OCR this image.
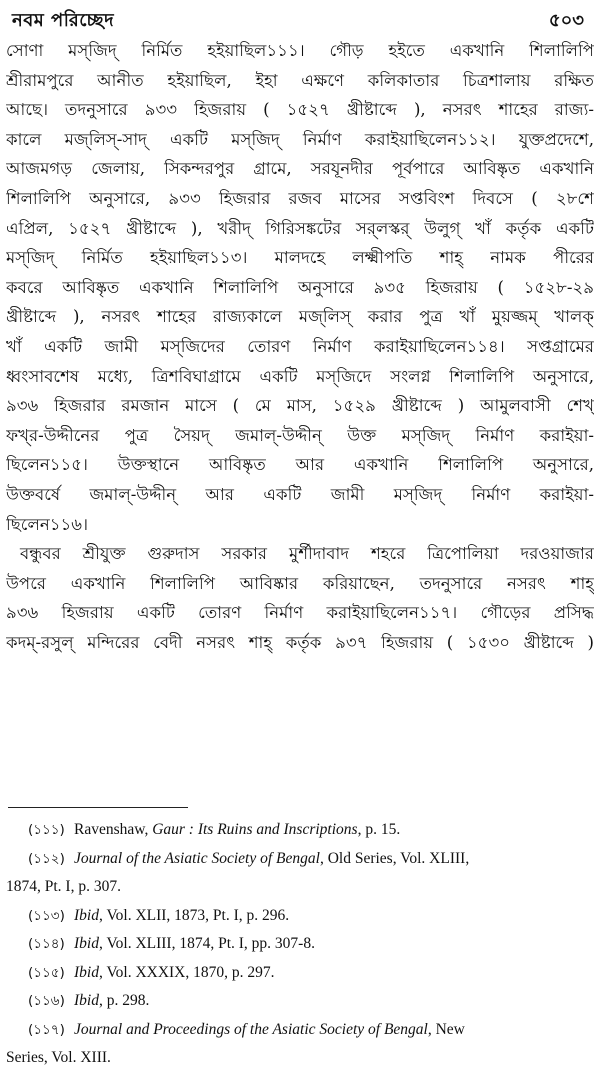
নবম পরিচ্ছেদ	৫০৩
সোণা মস্‌জিদ্‌ নির্মিত হইয়াছিল১১১। গৌড় হইতে একখানি শিলালিপি
শ্রীরামপুরে আনীত হইয়াছিল, ইহা এক্ষণে কলিকাতার চিত্রশালায় রক্ষিত
আছে। তদনুসারে ৯৩৩ হিজরায় ( ১৫২৭ খ্রীষ্টাব্দে ), নসরৎ শাহের রাজ্য-
কালে মজ্‌লিস্‌-সাদ্‌ একটি মস্‌জিদ্‌ নির্মাণ করাইয়াছিলেন১১২। যুক্তপ্রদেশে,
আজমগড় জেলায়, সিকন্দরপুর গ্রামে, সরযূনদীর পূর্বপারে আবিষ্কৃত একখানি
শিলালিপি অনুসারে, ৯৩৩ হিজরার রজব মাসের সপ্তবিংশ দিবসে ( ২৮শে
এপ্রিল, ১৫২৭ খ্রীষ্টাব্দে ), খরীদ্‌ গিরিসঙ্কটের সর্‌লস্কর্‌ উলুগ্‌ খাঁ কর্তৃক একটি
মস্‌জিদ্‌ নির্মিত হইয়াছিল১১৩। মালদহে লক্ষ্মীপতি শাহ্‌ নামক পীরের
কবরে আবিষ্কৃত একখানি শিলালিপি অনুসারে ৯৩৫ হিজরায় ( ১৫২৮-২৯
খ্রীষ্টাব্দে ), নসরৎ শাহের রাজ্যকালে মজ্‌লিস্‌ করার পুত্র খাঁ মুয়জ্জম্‌ খালক্‌
খাঁ একটি জামী মস্‌জিদের তোরণ নির্মাণ করাইয়াছিলেন১১৪। সপ্তগ্রামের
ধ্বংসাবশেষ মধ্যে, ত্রিশবিঘাগ্রামে একটি মস্‌জিদে সংলগ্ন শিলালিপি অনুসারে,
৯৩৬ হিজরার রমজান মাসে ( মে মাস, ১৫২৯ খ্রীষ্টাব্দে ) আমুলবাসী শেখ্‌
ফখ্‌র-উদ্দীনের পুত্র সৈয়দ্‌ জমাল্‌-উদ্দীন্‌ উক্ত মস্‌জিদ্‌ নির্মাণ করাইয়া-
ছিলেন১১৫। উক্তস্থানে আবিষ্কৃত আর একখানি শিলালিপি অনুসারে,
উক্তবর্ষে জমাল্‌-উদ্দীন্‌ আর একটি জামী মস্‌জিদ্‌ নির্মাণ করাইয়া-
ছিলেন১১৬।
বন্ধুবর শ্রীযুক্ত গুরুদাস সরকার মুর্শীদাবাদ শহরে ত্রিপোলিয়া দরওয়াজার
উপরে একখানি শিলালিপি আবিষ্কার করিয়াছেন, তদনুসারে নসরৎ শাহ্‌
৯৩৬ হিজরায় একটি তোরণ নির্মাণ করাইয়াছিলেন১১৭। গৌড়ের প্রসিদ্ধ
কদম্‌-রসুল্‌ মন্দিরের বেদী নসরৎ শাহ্‌ কর্তৃক ৯৩৭ হিজরায় ( ১৫৩০ খ্রীষ্টাব্দে )
(১১১) Ravenshaw, Gaur : Its Ruins and Inscriptions, p. 15.
(১১২) Journal of the Asiatic Society of Bengal, Old Series, Vol. XLIII,
1874, Pt. I, p. 307.
(১১৩) Ibid, Vol. XLII, 1873, Pt. I, p. 296.
(১১৪) Ibid, Vol. XLIII, 1874, Pt. I, pp. 307-8.
(১১৫) Ibid, Vol. XXXIX, 1870, p. 297.
(১১৬) Ibid, p. 298.
(১১৭) Journal and Proceedings of the Asiatic Society of Bengal, New
Series, Vol. XIII.
